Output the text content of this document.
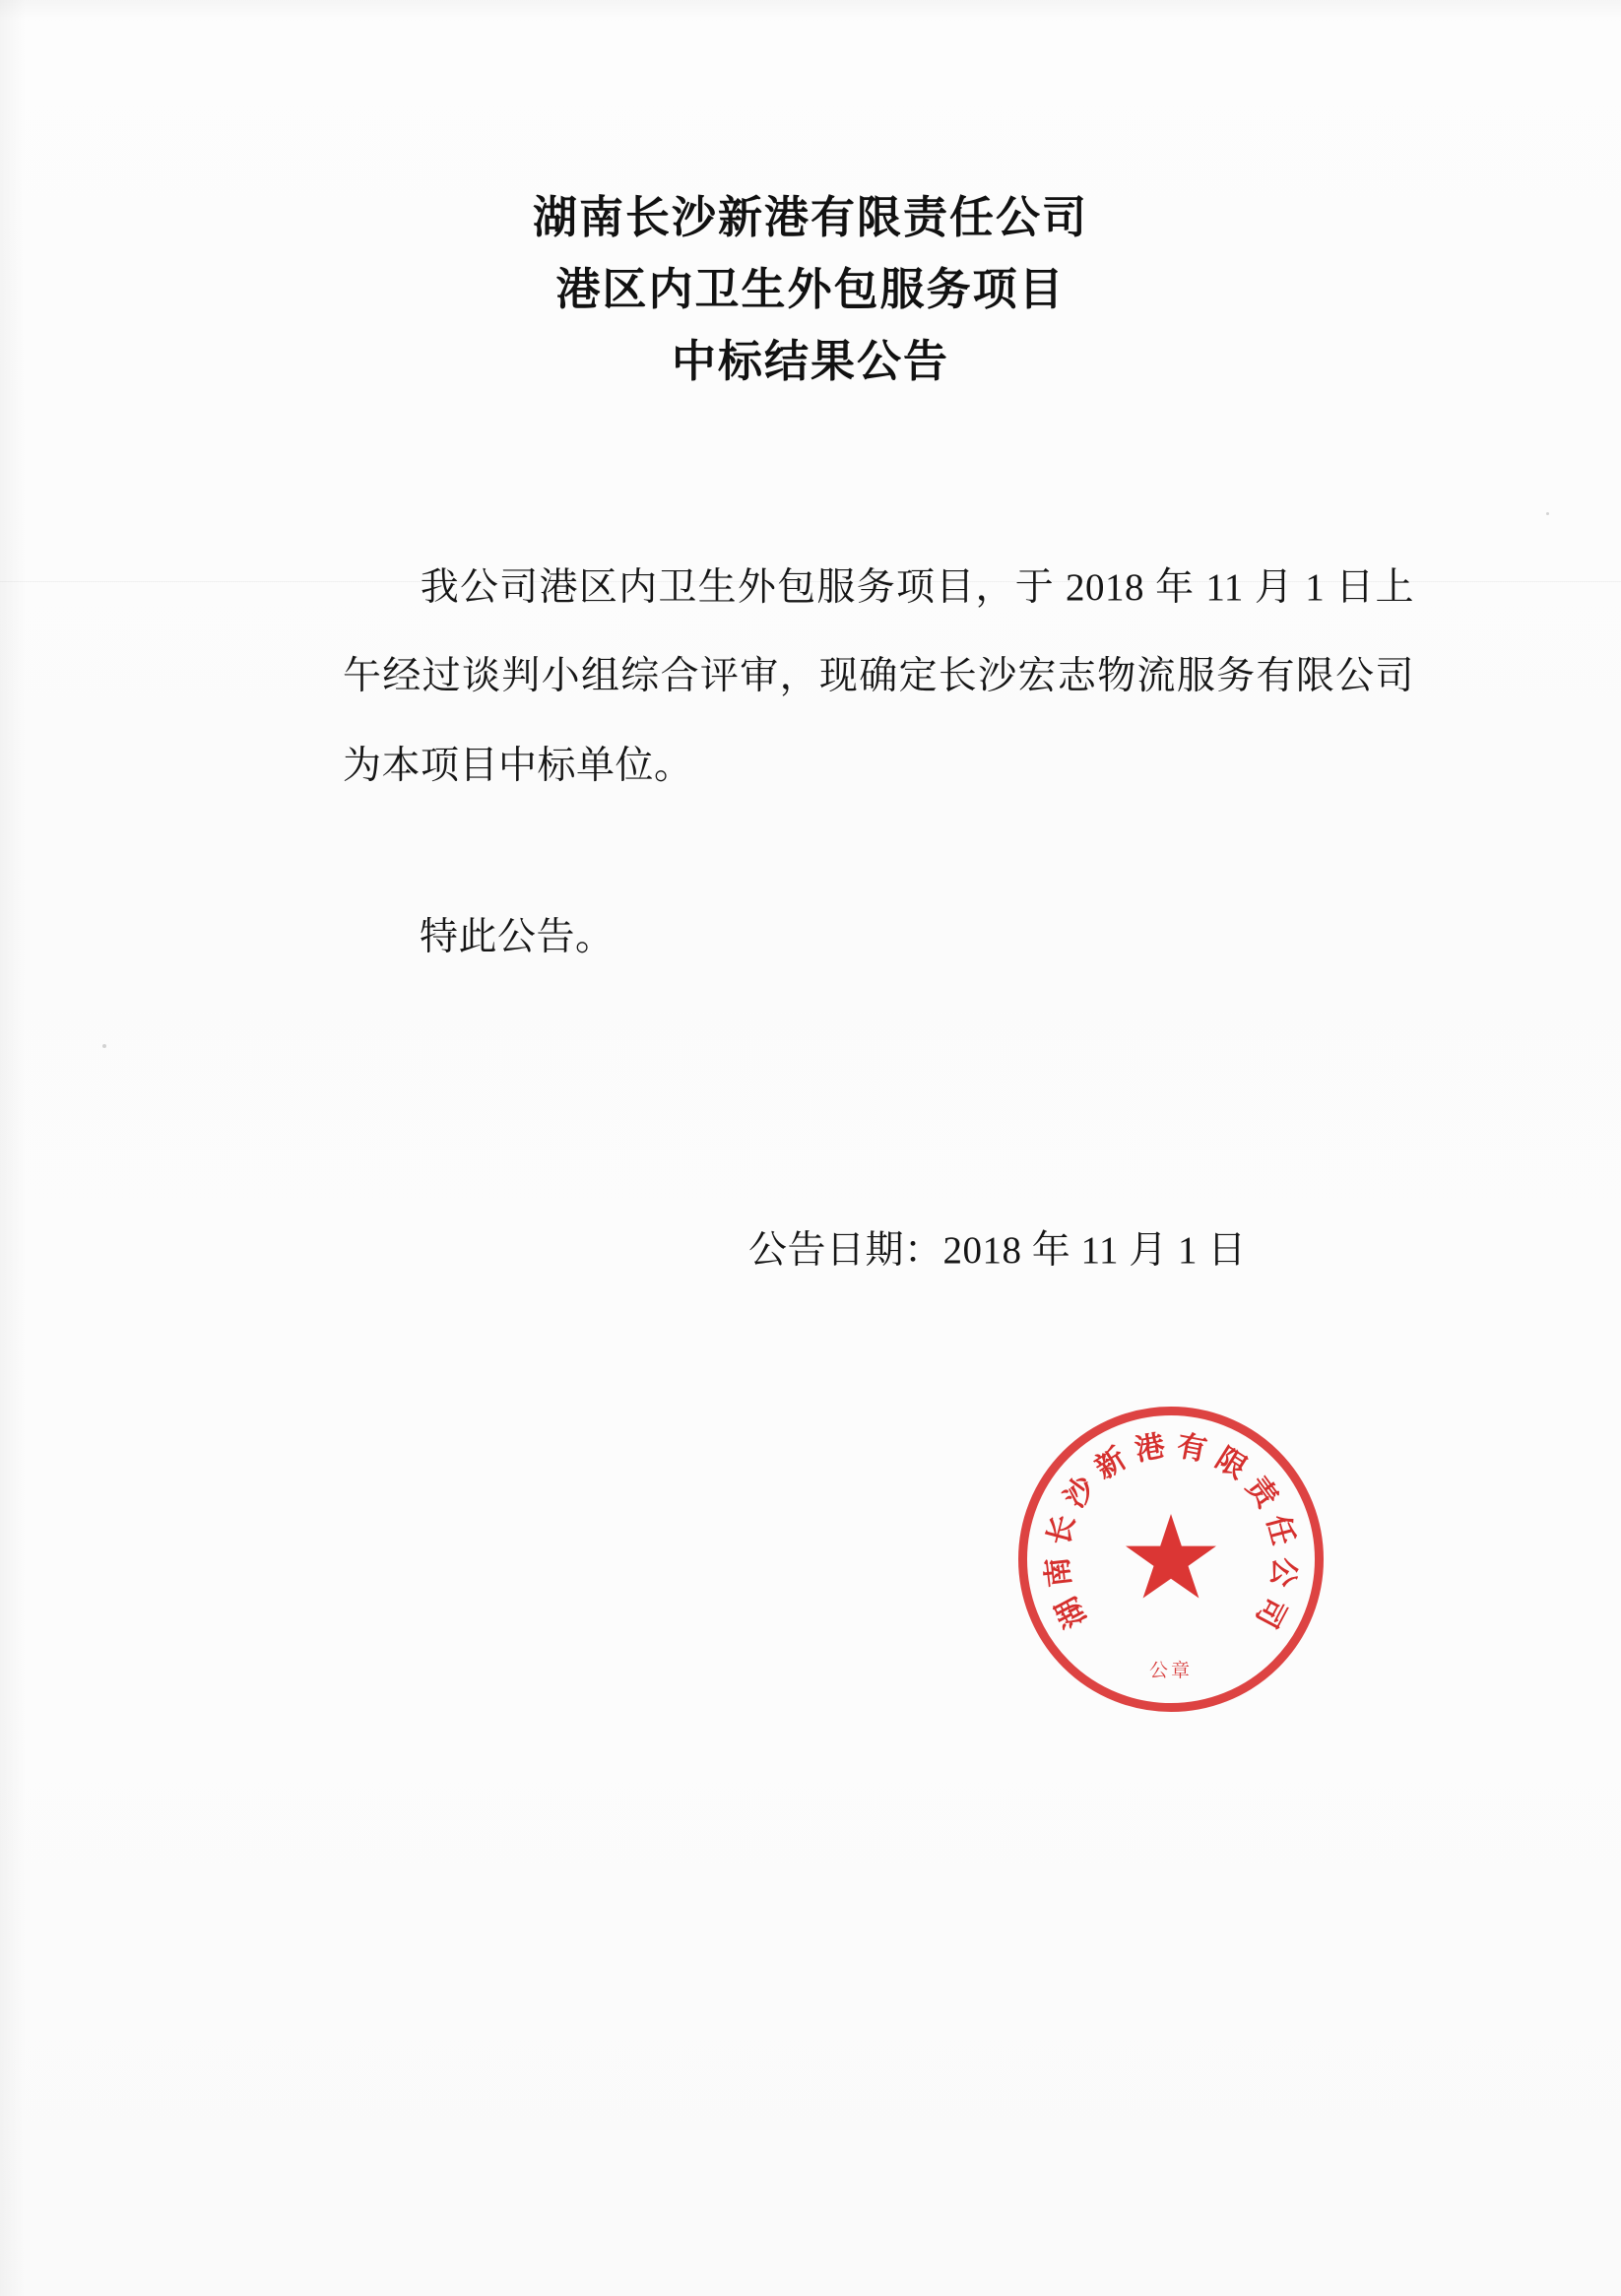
湖南长沙新港有限责任公司
港区内卫生外包服务项目
中标结果公告
我公司港区内卫生外包服务项目，于 2018 年 11 月 1 日上午经过谈判小组综合评审，现确定长沙宏志物流服务有限公司为本项目中标单位。
特此公告。
公告日期：2018 年 11 月 1 日
湖
南
长
沙
新 港 有 限
责
任
公
司
公章
